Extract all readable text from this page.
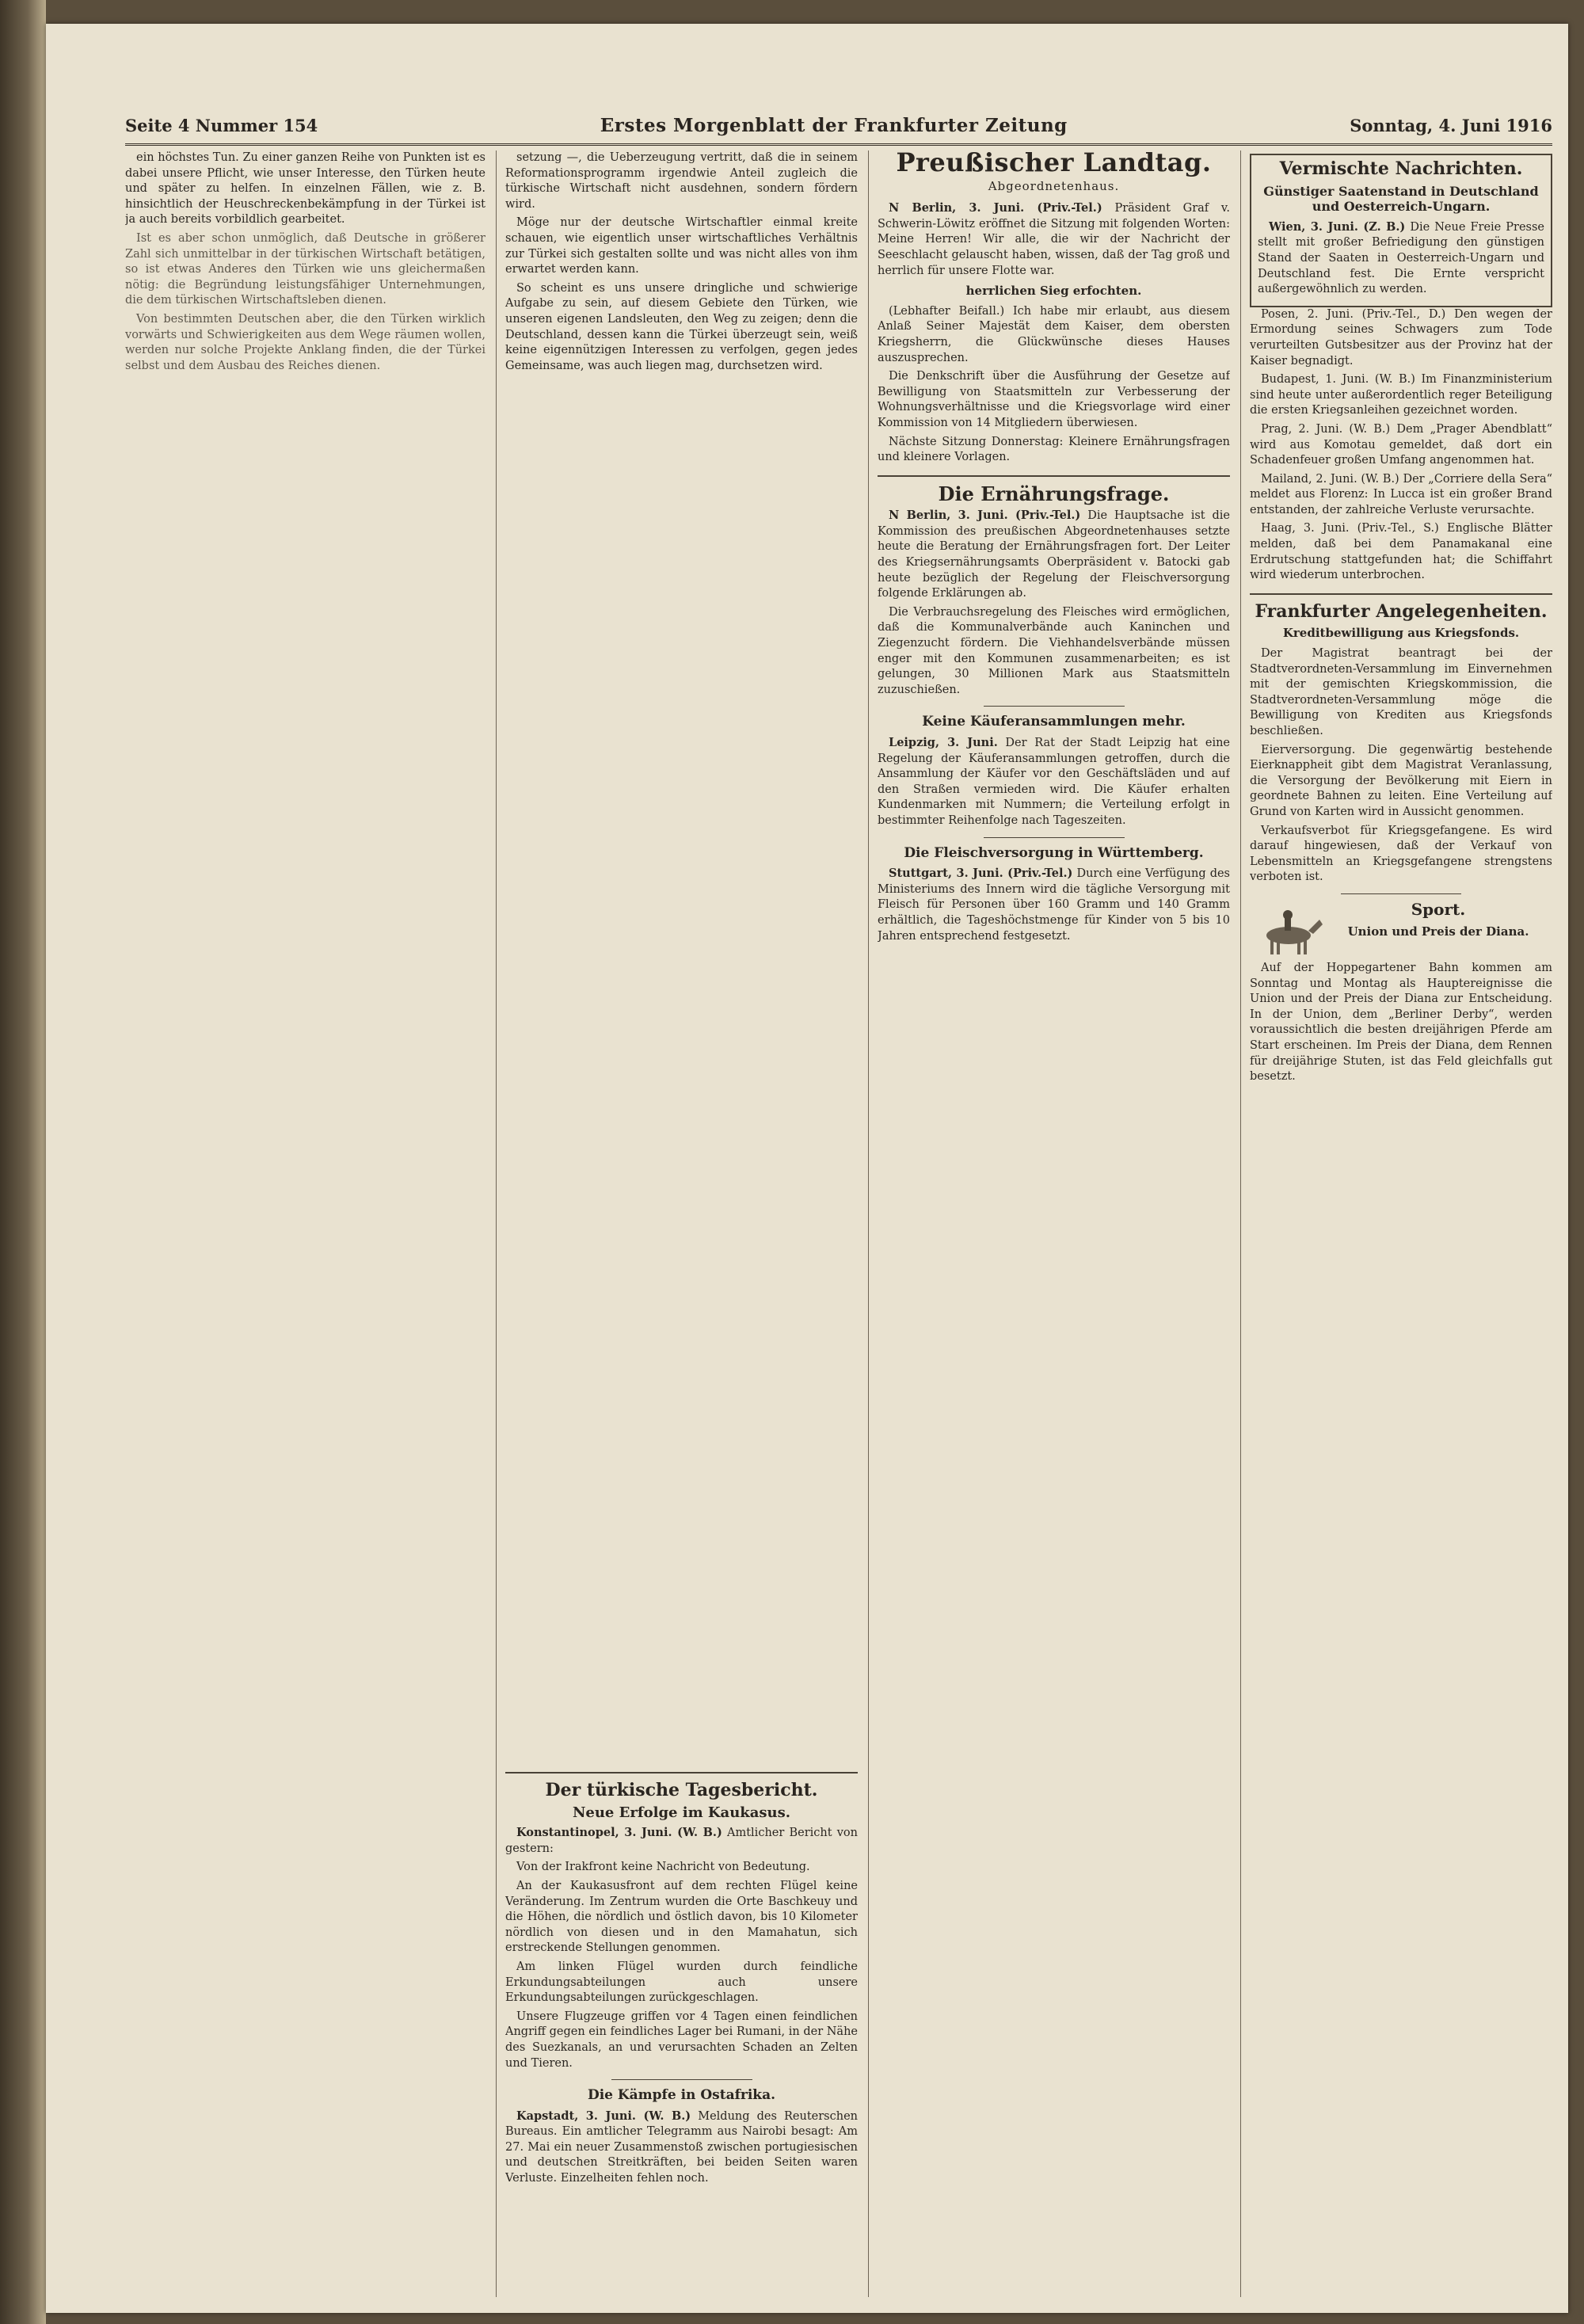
Seite 4 Nummer 154	Erstes Morgenblatt der Frankfurter Zeitung	Sonntag, 4. Juni 1916

ein höchstes Tun. Zu einer ganzen Reihe von Punkten ist es dabei unsere Pflicht, wie unser Interesse, den Türken heute und später zu helfen. In einzelnen Fällen, wie z. B. hinsichtlich der Heuschreckenbekämpfung in der Türkei ist ja auch bereits vorbildlich gearbeitet.

Ist es aber schon unmöglich, daß Deutsche in größerer Zahl sich unmittelbar in der türkischen Wirtschaft betätigen, so ist etwas Anderes den Türken wie uns gleichermaßen nötig: die Begründung leistungsfähiger Unternehmungen, die dem türkischen Wirtschaftsleben dienen.

Von bestimmten Deutschen aber, die den Türken wirklich vorwärts und Schwierigkeiten aus dem Wege räumen wollen, werden nur solche Projekte Anklang finden, die der Türkei selbst und dem Ausbau des Reiches dienen.

setzung —, die Ueberzeugung vertritt, daß die in seinem Reformationsprogramm irgendwie Anteil zugleich die türkische Wirtschaft nicht ausdehnen, sondern fördern wird.

Möge nur der deutsche Wirtschaftler einmal kreite schauen, wie eigentlich unser wirtschaftliches Verhältnis zur Türkei sich gestalten sollte und was nicht alles von ihm erwartet werden kann.

So scheint es uns unsere dringliche und schwierige Aufgabe zu sein, auf diesem Gebiete den Türken, wie unseren eigenen Landsleuten, den Weg zu zeigen; denn die Deutschland, dessen kann die Türkei überzeugt sein, weiß keine eigennützigen Interessen zu verfolgen, gegen jedes Gemeinsame, was auch liegen mag, durchsetzen wird.

Der türkische Tagesbericht.
Neue Erfolge im Kaukasus.

Konstantinopel, 3. Juni. (W. B.) Amtlicher Bericht von gestern:

Von der Irakfront keine Nachricht von Bedeutung.

An der Kaukasusfront auf dem rechten Flügel keine Veränderung. Im Zentrum wurden die Orte Baschkeuy und die Höhen, die nördlich und östlich davon, bis 10 Kilometer nördlich von diesen und in den Mamahatun, sich erstreckende Stellungen genommen.

Am linken Flügel wurden durch feindliche Erkundungsabteilungen auch unsere Erkundungsabteilungen zurückgeschlagen.

Unsere Flugzeuge griffen vor 4 Tagen einen feindlichen Angriff gegen ein feindliches Lager bei Rumani, in der Nähe des Suezkanals, an und verursachten Schaden an Zelten und Tieren.

Die Kämpfe in Ostafrika.

Kapstadt, 3. Juni. (W. B.) Meldung des Reuterschen Bureaus. Ein amtlicher Telegramm aus Nairobi besagt: Am 27. Mai ein neuer Zusammenstoß zwischen portugiesischen und deutschen Streitkräften, bei beiden Seiten waren Verluste. Einzelheiten fehlen noch.

Preußischer Landtag.
Abgeordnetenhaus.

N Berlin, 3. Juni. (Priv.-Tel.) Präsident Graf v. Schwerin-Löwitz eröffnet die Sitzung mit folgenden Worten: Meine Herren! Wir alle, die wir der Nachricht der Seeschlacht gelauscht haben, wissen, daß der Tag groß und herrlich für unsere Flotte war.

herrlichen Sieg erfochten.

(Lebhafter Beifall.) Ich habe mir erlaubt, aus diesem Anlaß Seiner Majestät dem Kaiser, dem obersten Kriegsherrn, die Glückwünsche dieses Hauses auszusprechen.

Die Denkschrift über die Ausführung der Gesetze auf Bewilligung von Staatsmitteln zur Verbesserung der Wohnungsverhältnisse und die Kriegsvorlage wird einer Kommission von 14 Mitgliedern überwiesen.

Nächste Sitzung Donnerstag: Kleinere Ernährungsfragen und kleinere Vorlagen.

Die Ernährungsfrage.

N Berlin, 3. Juni. (Priv.-Tel.) Die Hauptsache ist die Kommission des preußischen Abgeordnetenhauses setzte heute die Beratung der Ernährungsfragen fort. Der Leiter des Kriegsernährungsamts Oberpräsident v. Batocki gab heute bezüglich der Regelung der Fleischversorgung folgende Erklärungen ab.

Die Verbrauchsregelung des Fleisches wird ermöglichen, daß die Kommunalverbände auch Kaninchen und Ziegenzucht fördern. Die Viehhandelsverbände müssen enger mit den Kommunen zusammenarbeiten; es ist gelungen, 30 Millionen Mark aus Staatsmitteln zuzuschießen.

Keine Käuferansammlungen mehr.

Leipzig, 3. Juni. Der Rat der Stadt Leipzig hat eine Regelung der Käuferansammlungen getroffen, durch die Ansammlung der Käufer vor den Geschäftsläden und auf den Straßen vermieden wird. Die Käufer erhalten Kundenmarken mit Nummern; die Verteilung erfolgt in bestimmter Reihenfolge nach Tageszeiten.

Die Fleischversorgung in Württemberg.

Stuttgart, 3. Juni. (Priv.-Tel.) Durch eine Verfügung des Ministeriums des Innern wird die tägliche Versorgung mit Fleisch für Personen über 160 Gramm und 140 Gramm erhältlich, die Tageshöchstmenge für Kinder von 5 bis 10 Jahren entsprechend festgesetzt.

Vermischte Nachrichten.
Günstiger Saatenstand in Deutschland und Oesterreich-Ungarn.

Wien, 3. Juni. (Z. B.) Die Neue Freie Presse stellt mit großer Befriedigung den günstigen Stand der Saaten in Oesterreich-Ungarn und Deutschland fest. Die Ernte verspricht außergewöhnlich zu werden.

Posen, 2. Juni. (Priv.-Tel., D.) Den wegen der Ermordung seines Schwagers zum Tode verurteilten Gutsbesitzer aus der Provinz hat der Kaiser begnadigt.

Budapest, 1. Juni. (W. B.) Im Finanzministerium sind heute unter außerordentlich reger Beteiligung die ersten Kriegsanleihen gezeichnet worden.

Prag, 2. Juni. (W. B.) Dem „Prager Abendblatt“ wird aus Komotau gemeldet, daß dort ein Schadenfeuer großen Umfang angenommen hat.

Mailand, 2. Juni. (W. B.) Der „Corriere della Sera“ meldet aus Florenz: In Lucca ist ein großer Brand entstanden, der zahlreiche Verluste verursachte.

Haag, 3. Juni. (Priv.-Tel., S.) Englische Blätter melden, daß bei dem Panamakanal eine Erdrutschung stattgefunden hat; die Schiffahrt wird wiederum unterbrochen.

Frankfurter Angelegenheiten.
Kreditbewilligung aus Kriegsfonds.

Der Magistrat beantragt bei der Stadtverordneten-Versammlung im Einvernehmen mit der gemischten Kriegskommission, die Stadtverordneten-Versammlung möge die Bewilligung von Krediten aus Kriegsfonds beschließen.

Eierversorgung. Die gegenwärtig bestehende Eierknappheit gibt dem Magistrat Veranlassung, die Versorgung der Bevölkerung mit Eiern in geordnete Bahnen zu leiten. Eine Verteilung auf Grund von Karten wird in Aussicht genommen.

Verkaufsverbot für Kriegsgefangene. Es wird darauf hingewiesen, daß der Verkauf von Lebensmitteln an Kriegsgefangene strengstens verboten ist.

Sport.
Union und Preis der Diana.

Auf der Hoppegartener Bahn kommen am Sonntag und Montag als Hauptereignisse die Union und der Preis der Diana zur Entscheidung. In der Union, dem „Berliner Derby“, werden voraussichtlich die besten dreijährigen Pferde am Start erscheinen. Im Preis der Diana, dem Rennen für dreijährige Stuten, ist das Feld gleichfalls gut besetzt.
